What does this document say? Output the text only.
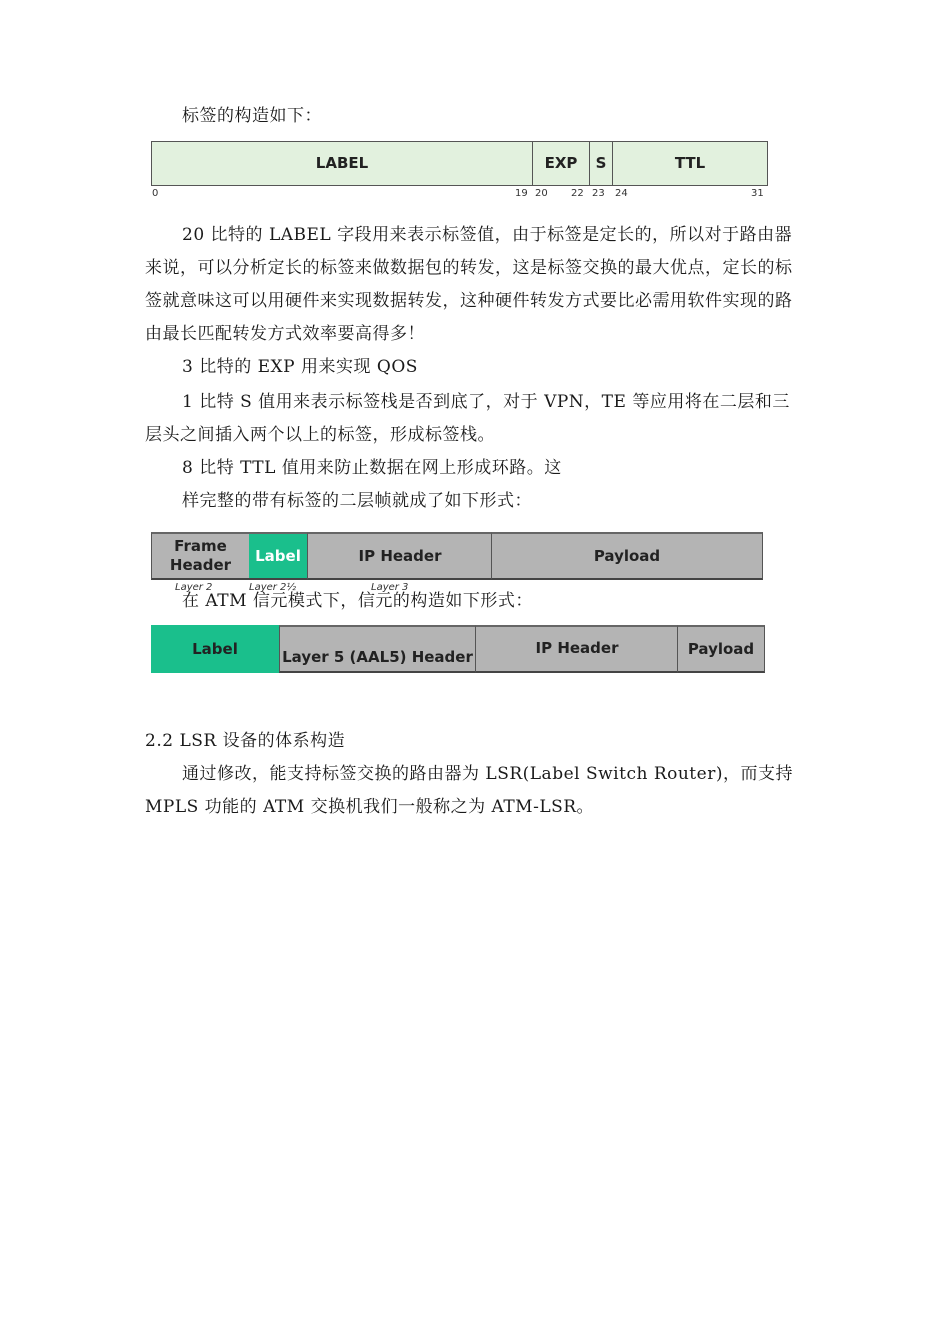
标签的构造如下：

LABEL	EXP	S	TTL
0	19 20 22 23 24	31

20 比特的 LABEL 字段用来表示标签值，由于标签是定长的，所以对于路由器来说，可以分析定长的标签来做数据包的转发，这是标签交换的最大优点，定长的标签就意味这可以用硬件来实现数据转发，这种硬件转发方式要比必需用软件实现的路由最长匹配转发方式效率要高得多！

3 比特的 EXP 用来实现 QOS

1 比特 S 值用来表示标签栈是否到底了，对于 VPN，TE 等应用将在二层和三层头之间插入两个以上的标签，形成标签栈。

8 比特 TTL 值用来防止数据在网上形成环路。这

样完整的带有标签的二层帧就成了如下形式：

Frame
Header
Label	IP Header	Payload
Layer 2	Layer 2½	Layer 3

在 ATM 信元模式下，信元的构造如下形式：

Label	Layer 5 (AAL5) Header	IP Header	Payload

2.2 LSR 设备的体系构造

通过修改，能支持标签交换的路由器为 LSR(Label Switch Router)，而支持 MPLS 功能的 ATM 交换机我们一般称之为 ATM-LSR。
